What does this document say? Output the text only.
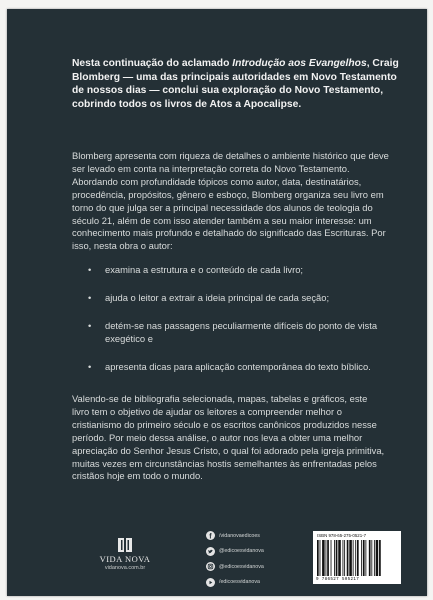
Nesta continuação do aclamado Introdução aos Evangelhos, Craig Blomberg — uma das principais autoridades em Novo Testamento de nossos dias — conclui sua exploração do Novo Testamento, cobrindo todos os livros de Atos a Apocalipse.

Blomberg apresenta com riqueza de detalhes o ambiente histórico que deve ser levado em conta na interpretação correta do Novo Testamento. Abordando com profundidade tópicos como autor, data, destinatários, procedência, propósitos, gênero e esboço, Blomberg organiza seu livro em torno do que julga ser a principal necessidade dos alunos de teologia do século 21, além de com isso atender também a seu maior interesse: um conhecimento mais profundo e detalhado do significado das Escrituras. Por isso, nesta obra o autor:

• examina a estrutura e o conteúdo de cada livro;
• ajuda o leitor a extrair a ideia principal de cada seção;
• detém-se nas passagens peculiarmente difíceis do ponto de vista exegético e
• apresenta dicas para aplicação contemporânea do texto bíblico.

Valendo-se de bibliografia selecionada, mapas, tabelas e gráficos, este livro tem o objetivo de ajudar os leitores a compreender melhor o cristianismo do primeiro século e os escritos canônicos produzidos nesse período. Por meio dessa análise, o autor nos leva a obter uma melhor apreciação do Senhor Jesus Cristo, o qual foi adorado pela igreja primitiva, muitas vezes em circunstâncias hostis semelhantes às enfrentadas pelos cristãos hoje em todo o mundo.

VIDA NOVA
vidanova.com.br
f /vidanovaedicoes
@edicoesvidanova
@edicoesvidanova
/edicoesvidanova

ISBN 978-65-275-0521-7

9 786527 505217
